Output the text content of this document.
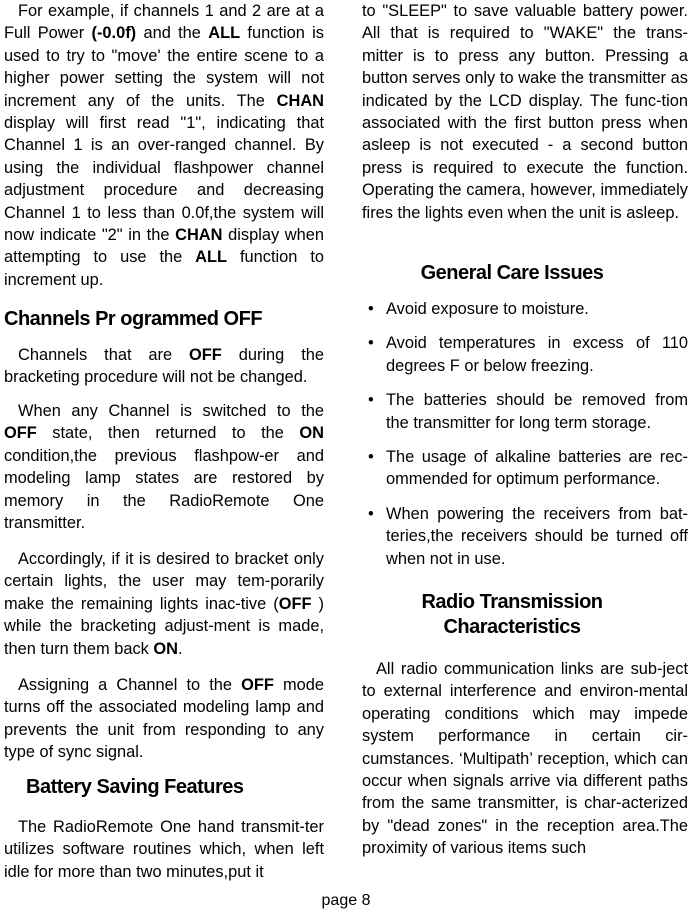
For example, if channels 1 and 2 are at a Full Power (-0.0f) and the ALL function is used to try to "move' the entire scene to a higher power setting the system will not increment any of the units. The CHAN display will first read "1", indicating that Channel 1 is an over-ranged channel. By using the individual flashpower channel adjustment procedure and decreasing Channel 1 to less than 0.0f,the system will now indicate "2" in the CHAN display when attempting to use the ALL function to increment up.

Channels Pr ogrammed OFF

Channels that are OFF during the bracketing procedure will not be changed.

When any Channel is switched to the OFF state, then returned to the ON condition,the previous flashpow-er and modeling lamp states are restored by memory in the RadioRemote One transmitter.

Accordingly, if it is desired to bracket only certain lights, the user may tem-porarily make the remaining lights inac-tive (OFF ) while the bracketing adjust-ment is made, then turn them back ON.

Assigning a Channel to the OFF mode turns off the associated modeling lamp and prevents the unit from responding to any type of sync signal.

Battery Saving Features

The RadioRemote One hand transmit-ter utilizes software routines which, when left idle for more than two minutes,put it

to "SLEEP" to save valuable battery power. All that is required to "WAKE" the trans-mitter is to press any button. Pressing a button serves only to wake the transmitter as indicated by the LCD display. The func-tion associated with the first button press when asleep is not executed - a second button press is required to execute the function. Operating the camera, however, immediately fires the lights even when the unit is asleep.

General Care Issues
• Avoid exposure to moisture.
• Avoid temperatures in excess of 110 degrees F or below freezing.
• The batteries should be removed from the transmitter for long term storage.
• The usage of alkaline batteries are rec-ommended for optimum performance.
• When powering the receivers from bat-teries,the receivers should be turned off when not in use.
Radio Transmission
Characteristics

All radio communication links are sub-ject to external interference and environ-mental operating conditions which may impede system performance in certain cir-cumstances. ‘Multipath’ reception, which can occur when signals arrive via different paths from the same transmitter, is char-acterized by "dead zones" in the reception area.The proximity of various items such

page 8
